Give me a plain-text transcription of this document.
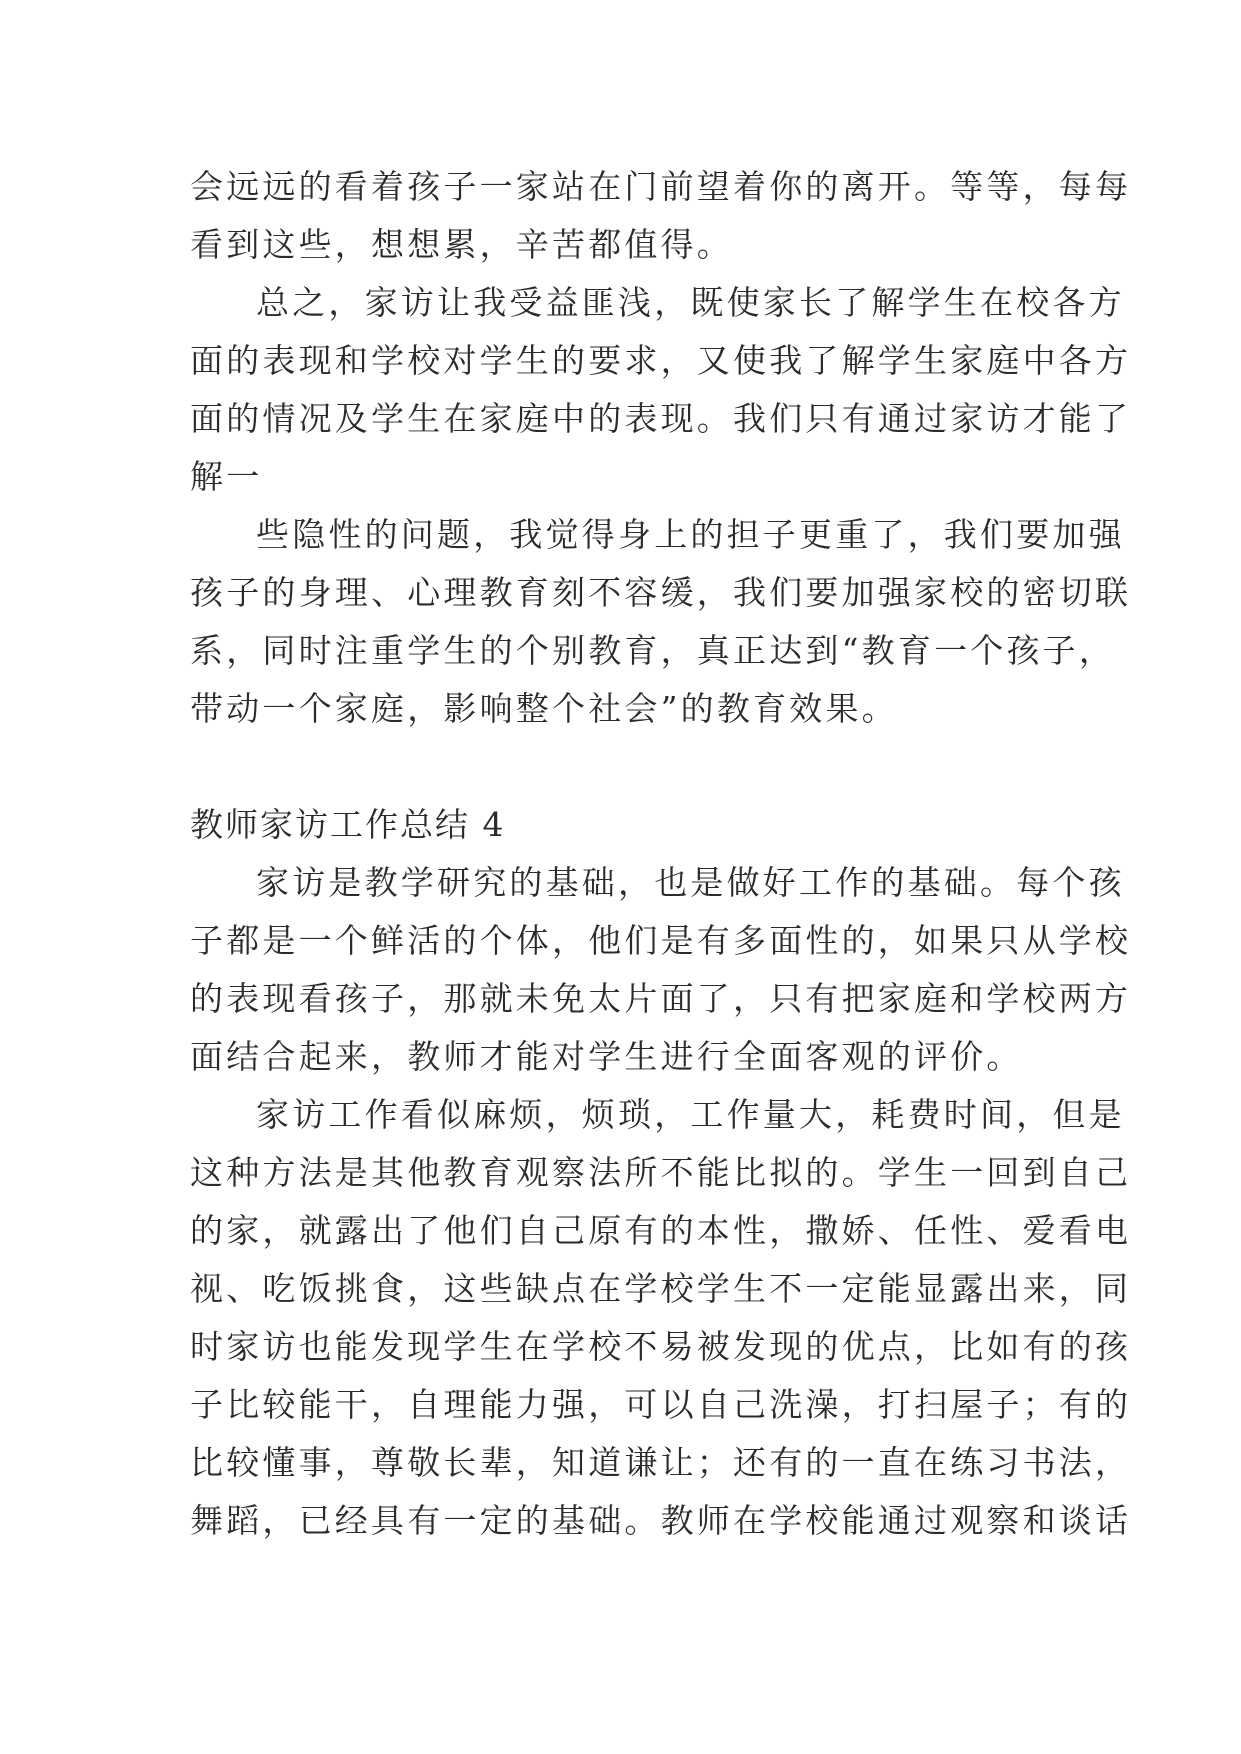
会远远的看着孩子一家站在门前望着你的离开。等等，每每
看到这些，想想累，辛苦都值得。
总之，家访让我受益匪浅，既使家长了解学生在校各方
面的表现和学校对学生的要求，又使我了解学生家庭中各方
面的情况及学生在家庭中的表现。我们只有通过家访才能了
解一
些隐性的问题，我觉得身上的担子更重了，我们要加强
孩子的身理、心理教育刻不容缓，我们要加强家校的密切联
系，同时注重学生的个别教育，真正达到“教育一个孩子，
带动一个家庭，影响整个社会”的教育效果。
教师家访工作总结 4
家访是教学研究的基础，也是做好工作的基础。每个孩
子都是一个鲜活的个体，他们是有多面性的，如果只从学校
的表现看孩子，那就未免太片面了，只有把家庭和学校两方
面结合起来，教师才能对学生进行全面客观的评价。
家访工作看似麻烦，烦琐，工作量大，耗费时间，但是
这种方法是其他教育观察法所不能比拟的。学生一回到自己
的家，就露出了他们自己原有的本性，撒娇、任性、爱看电
视、吃饭挑食，这些缺点在学校学生不一定能显露出来，同
时家访也能发现学生在学校不易被发现的优点，比如有的孩
子比较能干，自理能力强，可以自己洗澡，打扫屋子；有的
比较懂事，尊敬长辈，知道谦让；还有的一直在练习书法，
舞蹈，已经具有一定的基础。教师在学校能通过观察和谈话
